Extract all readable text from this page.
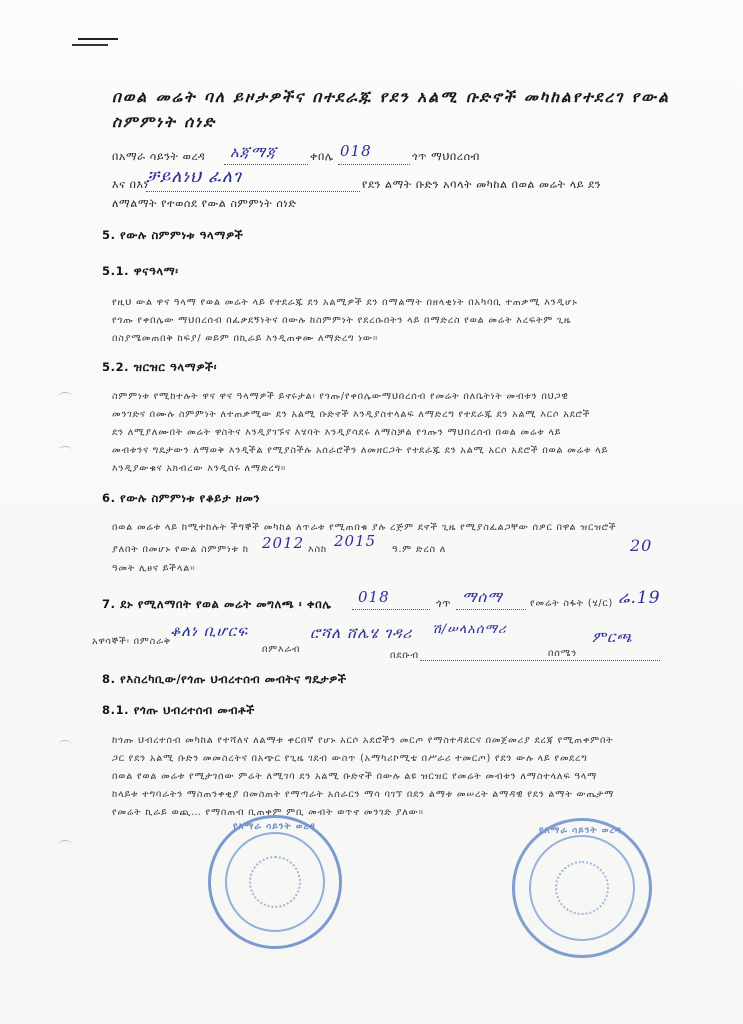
በወል መሬት ባለ ይዞታዎችና በተደራጁ የደን አልሚ ቡድኖች መካከልየተደረገ የውል
ስምምነት ሰነድ
በአማራ ሳይንት ወረዳ አጃማጃ	ቀበሌ 018	ጎጥ ማህበረሰብ
እና በእነ
ቻይለነህ ፈለገ	የደን ልማት ቡድን አባላት መካከል በወል መሬት ላይ ደን
ለማልማት የተወሰደ የውል ስምምነት ሰነድ
5. የውሉ ስምምነቱ ዓላማዎች
5.1. ዋናዓላማ፡
የዚህ ውል ዋና ዓላማ የወል መሬት ላይ የተደራጁ ደን አልሚዎች ደን በማልማት በዘላቂነት በአካባቢ ተጠቃሚ እንዲሆኑ
የጎጡ የቀበሌው ማህበረሰብ በፈቃደኝነትና በውሉ ከስምምነት የደረሱበትን ላይ በማድረስ የወል መሬት እረፍትም ጊዜ
በስያሜመጠበቅ ከፍያ/ ወይም በኪራይ እንዲጠቀሙ ለማድረግ ነው።
5.2. ዝርዝር ዓላማዎች፡
ስምምነቱ የሚከተሉት ዋና ዋና ዓላማዎች ይኖሩታል፡ የጎጡ/የቀበሌውማህበረሰብ የመሬት በለቤትነት መብቱን በህጋዊ
መንገድና በሙሉ ስምምነት ለተጠቃሚው ደን አልሚ ቡድኖች እንዲያስተላልፍ ለማድረግ የተደራጁ ደን አልሚ እርሶ አደሮች
ደን ለሚያለሙበት መሬት ዋስትና እንዲያገኙና እሄባት እንዲያሳደሩ ለማስቻል የጎጡን ማህበረሰብ በወል መሬቱ ላይ
መብቱንና ግዴታውን ለማወቅ እንዲችል የሚያስችሉ አሰራሮችን ለመዘርጋት የተደራጁ ደን አልሚ አርሶ አደሮች በወል መሬቱ ላይ
እንዲያውቁና አክብረው እንዲሰሩ ለማድረግ።
6. የውሉ ስምምነቱ የቆይታ ዘመን
በወል መሬቱ ላይ ከሚተከሉት ችግኞች መካከል ለጥራቱ የሚጠበቁ ያሉ ረጅም ደኖች ጊዜ የሚያስፈልጋቸው ሰዎር በዋል ዝርዝሮች
ያለበት በመሆኑ የውል ስምምነቱ ከ 2012 እስከ 2015 ዓ.ም ድረስ ለ	20
ዓመት ሊፀና ይችላል።
7. ደኑ የሚለማበት የወል መሬት መግለጫ ፡ ቀበሌ 018	ጎጥ ማሰማ	የመሬት ስፋት (ሄ/ር) ሬ.19
አዋሳኞች፡ በምስራቅ
ቆለነ ቢሆርፍ
በምእራብ
ሮሻለ ሸሌሄ ገዳሪ
በደቡብ
ሽ/ሠላአሰማሪ
በሰሜን
ምርጫ
8. የእስረካቢው/የጎጡ ህብረተሰብ መብትና ግዴታዎች
8.1. የጎጡ ህብረተሰብ መብቶች
ከጎጡ ህብረተሰብ መካከል የተሻለና ለልማቱ ቀርበኛ የሆኑ አርሶ አደሮችን መርጦ የማስተዳደርና በመጀመሪያ ደረጃ የሚጠቀምበት
ጋር የደን አልሚ ቡድን መመስረትና በአጭር የጊዜ ገደብ ውስጥ (አማካሪኮሚቴ በሥራሪ ተመርጦ) የደን ውሉ ላይ የመደረግ
በወል የወል መሬቱ የሚታገሰው ምሬት ለሚገባ ደን አልሚ ቡድኖች በውሉ ልዩ ዝርዝር የመሬት መብቱን ለማስተላለፍ ዓላማ
ከላይቱ ተግባራትን ማስጠንቀቂያ በመስጠት የማጣራት አሰራርን ማሳ ባገኘ በደን ልማቱ መሠረት ልማዳዊ የደን ልማት ውጤታማ
የመሬት ኪራይ ወጪ… የማበጠብ ቢጠቀም ምቢ መብት ወጥኖ መንገድ ያለው።
የአማራ ሳይንት ወረዳ	የአማራ ሳይንት ወረዳ
